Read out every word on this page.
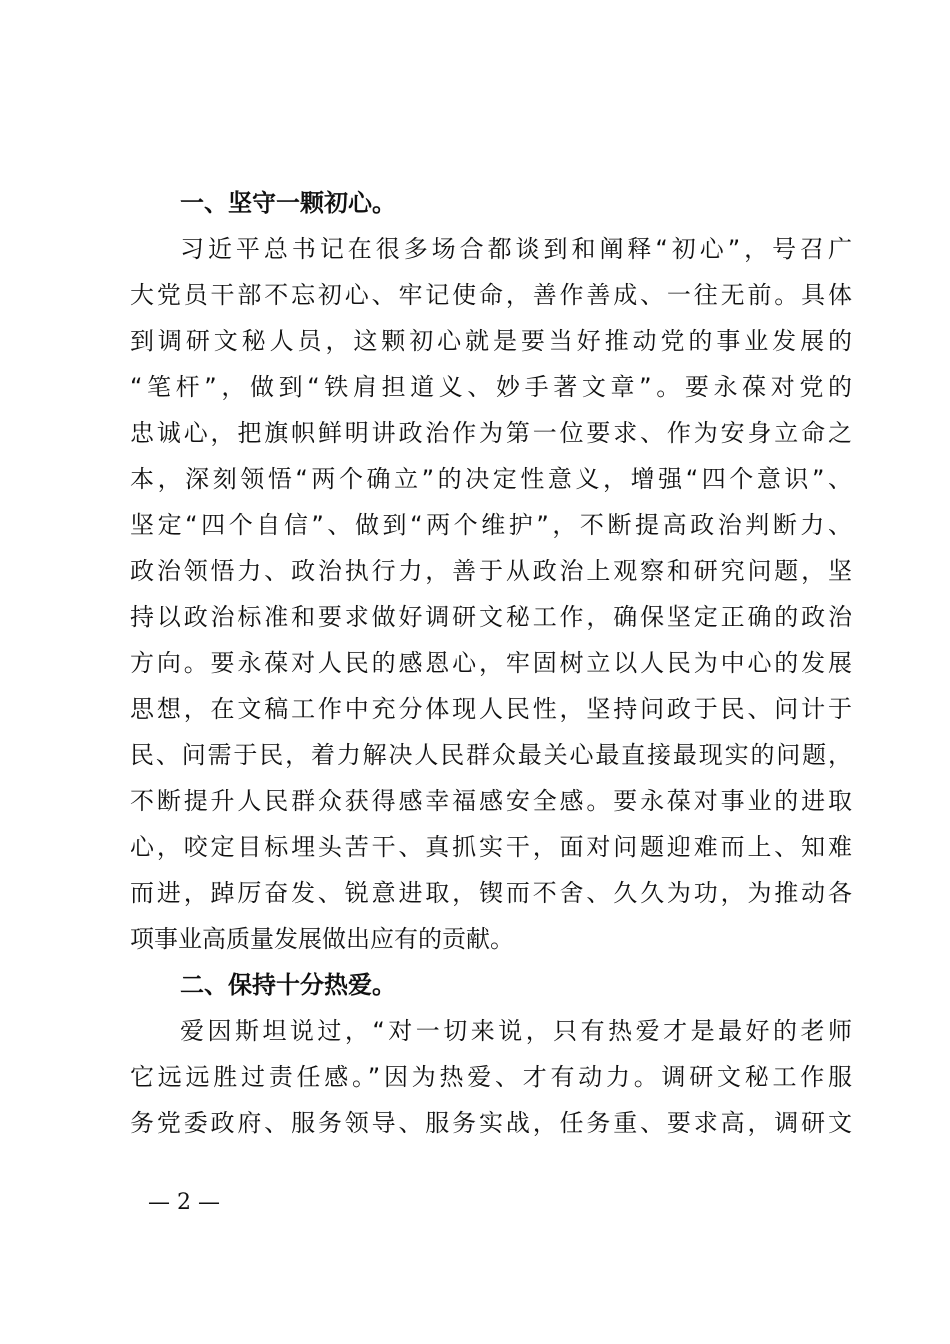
一、坚守一颗初心。
习近平总书记在很多场合都谈到和阐释“初心”，号召广
大党员干部不忘初心、牢记使命，善作善成、一往无前。具体
到调研文秘人员，这颗初心就是要当好推动党的事业发展的
“笔杆”，做到“铁肩担道义、妙手著文章”。要永葆对党的
忠诚心，把旗帜鲜明讲政治作为第一位要求、作为安身立命之
本，深刻领悟“两个确立”的决定性意义，增强“四个意识”、
坚定“四个自信”、做到“两个维护”，不断提高政治判断力、
政治领悟力、政治执行力，善于从政治上观察和研究问题，坚
持以政治标准和要求做好调研文秘工作，确保坚定正确的政治
方向。要永葆对人民的感恩心，牢固树立以人民为中心的发展
思想，在文稿工作中充分体现人民性，坚持问政于民、问计于
民、问需于民，着力解决人民群众最关心最直接最现实的问题，
不断提升人民群众获得感幸福感安全感。要永葆对事业的进取
心，咬定目标埋头苦干、真抓实干，面对问题迎难而上、知难
而进，踔厉奋发、锐意进取，锲而不舍、久久为功，为推动各
项事业高质量发展做出应有的贡献。
二、保持十分热爱。
爱因斯坦说过，“对一切来说，只有热爱才是最好的老师
它远远胜过责任感。”因为热爱、才有动力。调研文秘工作服
务党委政府、服务领导、服务实战，任务重、要求高，调研文
— 2 —
